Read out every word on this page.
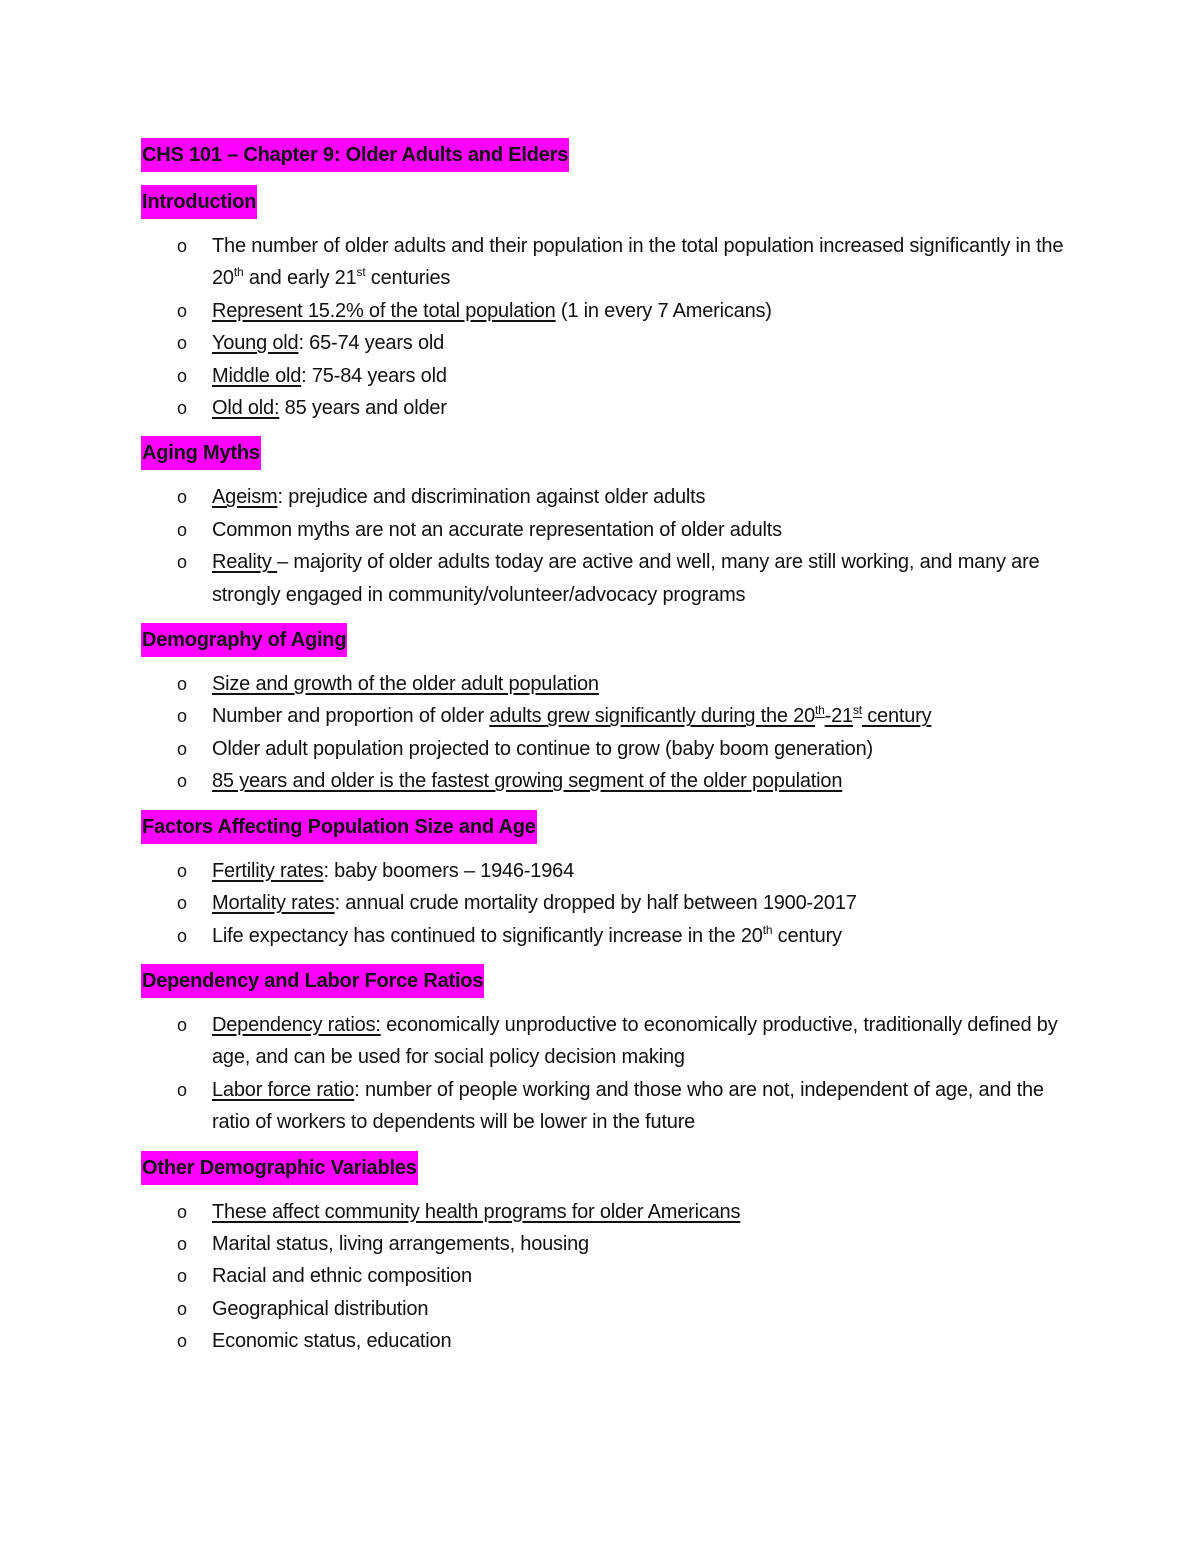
CHS 101 – Chapter 9: Older Adults and Elders
Introduction
o The number of older adults and their population in the total population increased significantly in the 20th and early 21st centuries
o Represent 15.2% of the total population (1 in every 7 Americans)
o Young old: 65-74 years old
o Middle old: 75-84 years old
o Old old: 85 years and older
Aging Myths
o Ageism: prejudice and discrimination against older adults
o Common myths are not an accurate representation of older adults
o Reality – majority of older adults today are active and well, many are still working, and many are strongly engaged in community/volunteer/advocacy programs
Demography of Aging
o Size and growth of the older adult population
o Number and proportion of older adults grew significantly during the 20th-21st century
o Older adult population projected to continue to grow (baby boom generation)
o 85 years and older is the fastest growing segment of the older population
Factors Affecting Population Size and Age
o Fertility rates: baby boomers – 1946-1964
o Mortality rates: annual crude mortality dropped by half between 1900-2017
o Life expectancy has continued to significantly increase in the 20th century
Dependency and Labor Force Ratios
o Dependency ratios: economically unproductive to economically productive, traditionally defined by age, and can be used for social policy decision making
o Labor force ratio: number of people working and those who are not, independent of age, and the ratio of workers to dependents will be lower in the future
Other Demographic Variables
o These affect community health programs for older Americans
o Marital status, living arrangements, housing
o Racial and ethnic composition
o Geographical distribution
o Economic status, education
